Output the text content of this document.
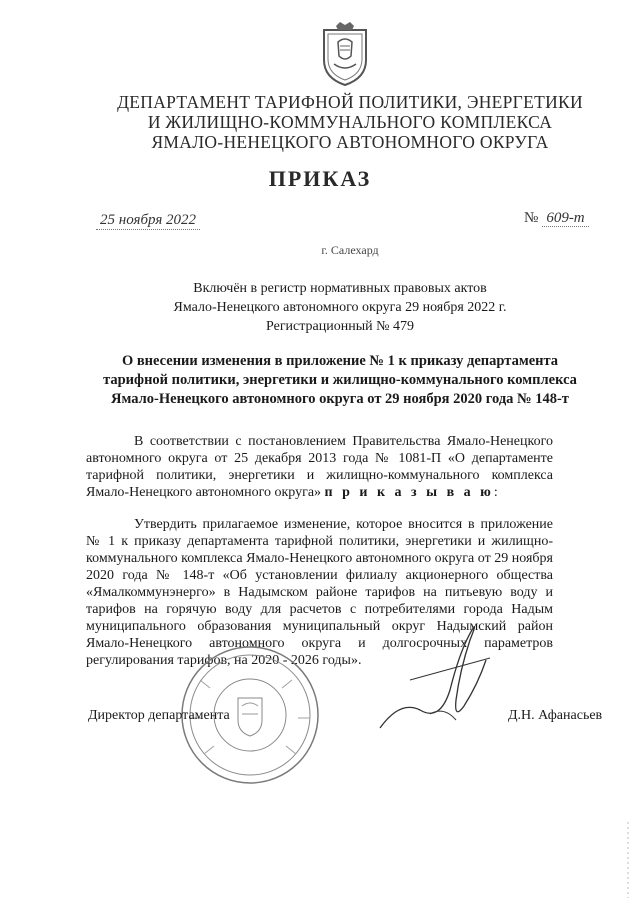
ДЕПАРТАМЕНТ ТАРИФНОЙ ПОЛИТИКИ, ЭНЕРГЕТИКИ
И ЖИЛИЩНО-КОММУНАЛЬНОГО КОМПЛЕКСА
ЯМАЛО-НЕНЕЦКОГО АВТОНОМНОГО ОКРУГА
ПРИКАЗ
25 ноября 2022	№ 609-т
г. Салехард
Включён в регистр нормативных правовых актов
Ямало-Ненецкого автономного округа 29 ноября 2022 г.
Регистрационный № 479
О внесении изменения в приложение № 1 к приказу департамента
тарифной политики, энергетики и жилищно-коммунального комплекса
Ямало-Ненецкого автономного округа от 29 ноября 2020 года № 148-т
В соответствии с постановлением Правительства Ямало-Ненецкого автономного округа от 25 декабря 2013 года № 1081-П «О департаменте тарифной политики, энергетики и жилищно-коммунального комплекса Ямало-Ненецкого автономного округа» п р и к а з ы в а ю:
Утвердить прилагаемое изменение, которое вносится в приложение № 1 к приказу департамента тарифной политики, энергетики и жилищно-коммунального комплекса Ямало-Ненецкого автономного округа от 29 ноября 2020 года № 148-т «Об установлении филиалу акционерного общества «Ямалкоммунэнерго» в Надымском районе тарифов на питьевую воду и тарифов на горячую воду для расчетов с потребителями города Надым муниципального образования муниципальный округ Надымский район Ямало-Ненецкого автономного округа и долгосрочных параметров регулирования тарифов, на 2020 - 2026 годы».
Директор департамента	Д.Н. Афанасьев
